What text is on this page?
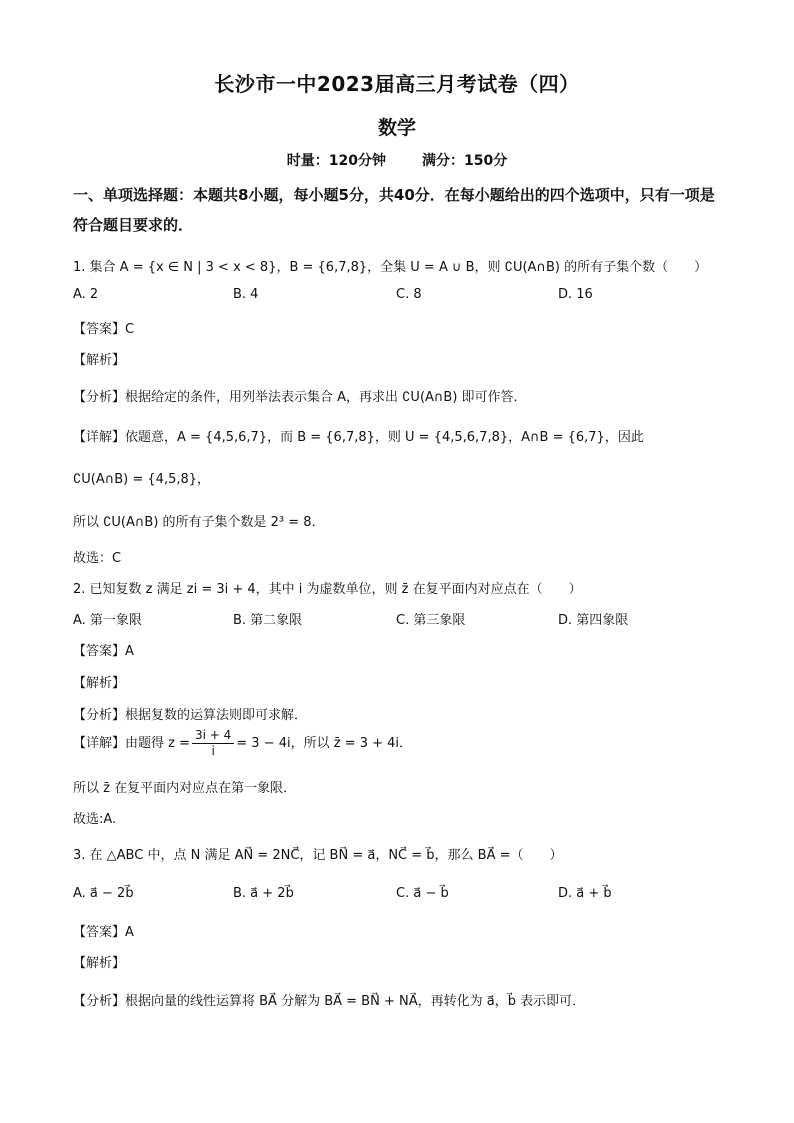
长沙市一中2023届高三月考试卷（四）
数学
时量：120分钟	满分：150分
一、单项选择题：本题共8小题，每小题5分，共40分．在每小题给出的四个选项中，只有一项是符合题目要求的．
1. 集合 A = {x ∈ N | 3 < x < 8}，B = {6,7,8}，全集 U = A ∪ B，则 ∁U(A∩B) 的所有子集个数（　　）
A. 2	B. 4	C. 8	D. 16
【答案】C
【解析】
【分析】根据给定的条件，用列举法表示集合 A，再求出 ∁U(A∩B) 即可作答．
【详解】依题意，A = {4,5,6,7}，而 B = {6,7,8}，则 U = {4,5,6,7,8}，A∩B = {6,7}，因此
∁U(A∩B) = {4,5,8}，
所以 ∁U(A∩B) 的所有子集个数是 2³ = 8．
故选：C
2. 已知复数 z 满足 zi = 3i + 4，其中 i 为虚数单位，则 z̄ 在复平面内对应点在（　　）
A. 第一象限	B. 第二象限	C. 第三象限	D. 第四象限
【答案】A
【解析】
【分析】根据复数的运算法则即可求解．
【详解】由题得 $z = \frac{3i + 4}{i} = 3 - 4i$，所以 z̄ = 3 + 4i．
所以 z̄ 在复平面内对应点在第一象限．
故选:A.
3. 在 △ABC 中，点 N 满足 AN⃗ = 2NC⃗，记 BN⃗ = a⃗，NC⃗ = b⃗，那么 BA⃗ =（　　）
A. a⃗ − 2b⃗	B. a⃗ + 2b⃗	C. a⃗ − b⃗	D. a⃗ + b⃗
【答案】A
【解析】
【分析】根据向量的线性运算将 BA⃗ 分解为 BA⃗ = BN⃗ + NA⃗，再转化为 a⃗，b⃗ 表示即可．
